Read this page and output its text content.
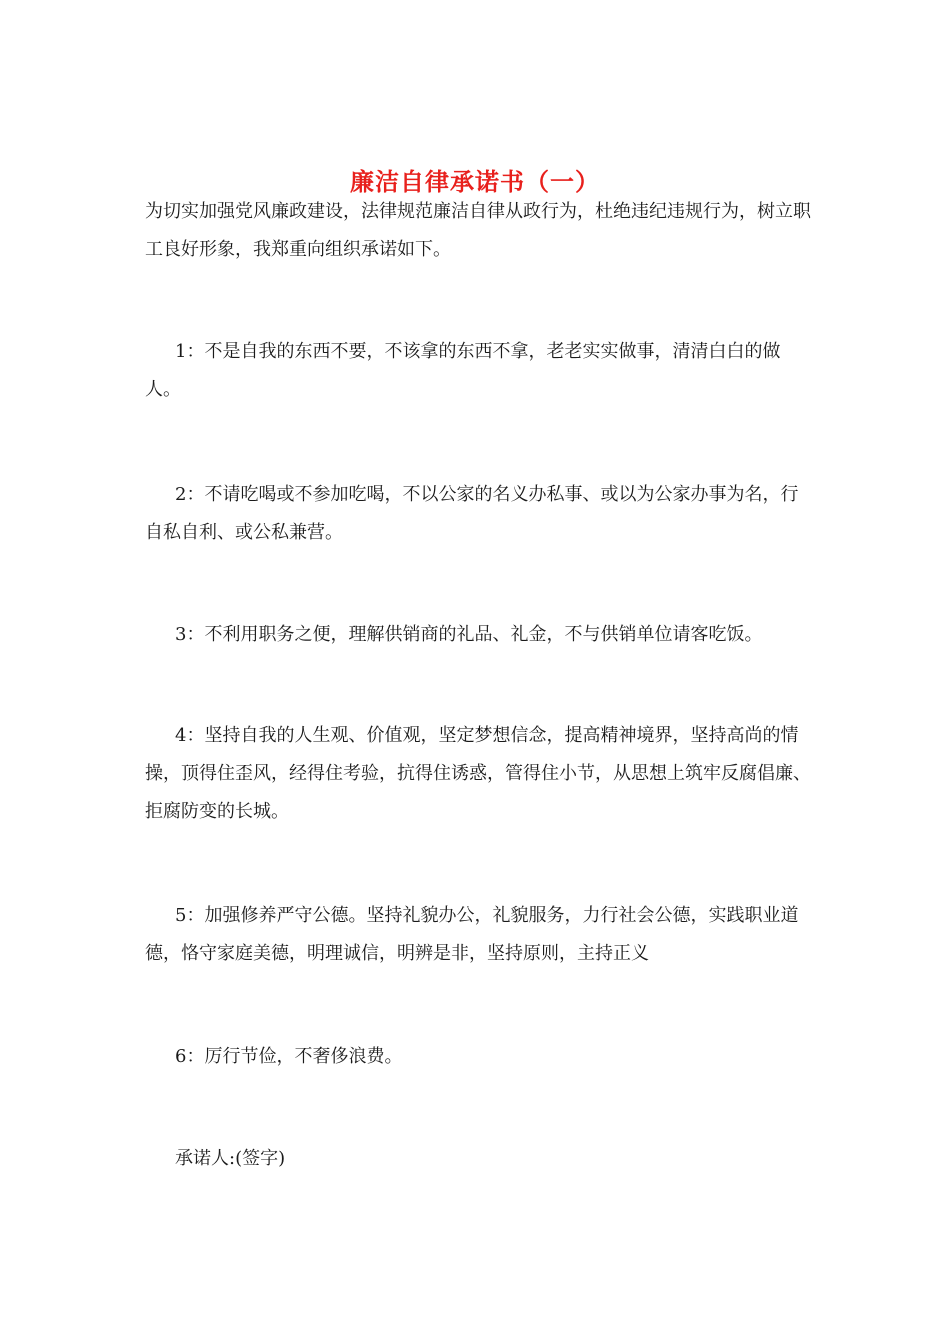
廉洁自律承诺书（一）

为切实加强党风廉政建设，法律规范廉洁自律从政行为，杜绝违纪违规行为，树立职工良好形象，我郑重向组织承诺如下。

1：不是自我的东西不要，不该拿的东西不拿，老老实实做事，清清白白的做人。

2：不请吃喝或不参加吃喝，不以公家的名义办私事、或以为公家办事为名，行自私自利、或公私兼营。

3：不利用职务之便，理解供销商的礼品、礼金，不与供销单位请客吃饭。

4：坚持自我的人生观、价值观，坚定梦想信念，提高精神境界，坚持高尚的情操，顶得住歪风，经得住考验，抗得住诱惑，管得住小节，从思想上筑牢反腐倡廉、拒腐防变的长城。

5：加强修养严守公德。坚持礼貌办公，礼貌服务，力行社会公德，实践职业道德，恪守家庭美德，明理诚信，明辨是非，坚持原则，主持正义

6：厉行节俭，不奢侈浪费。

承诺人:(签字)
